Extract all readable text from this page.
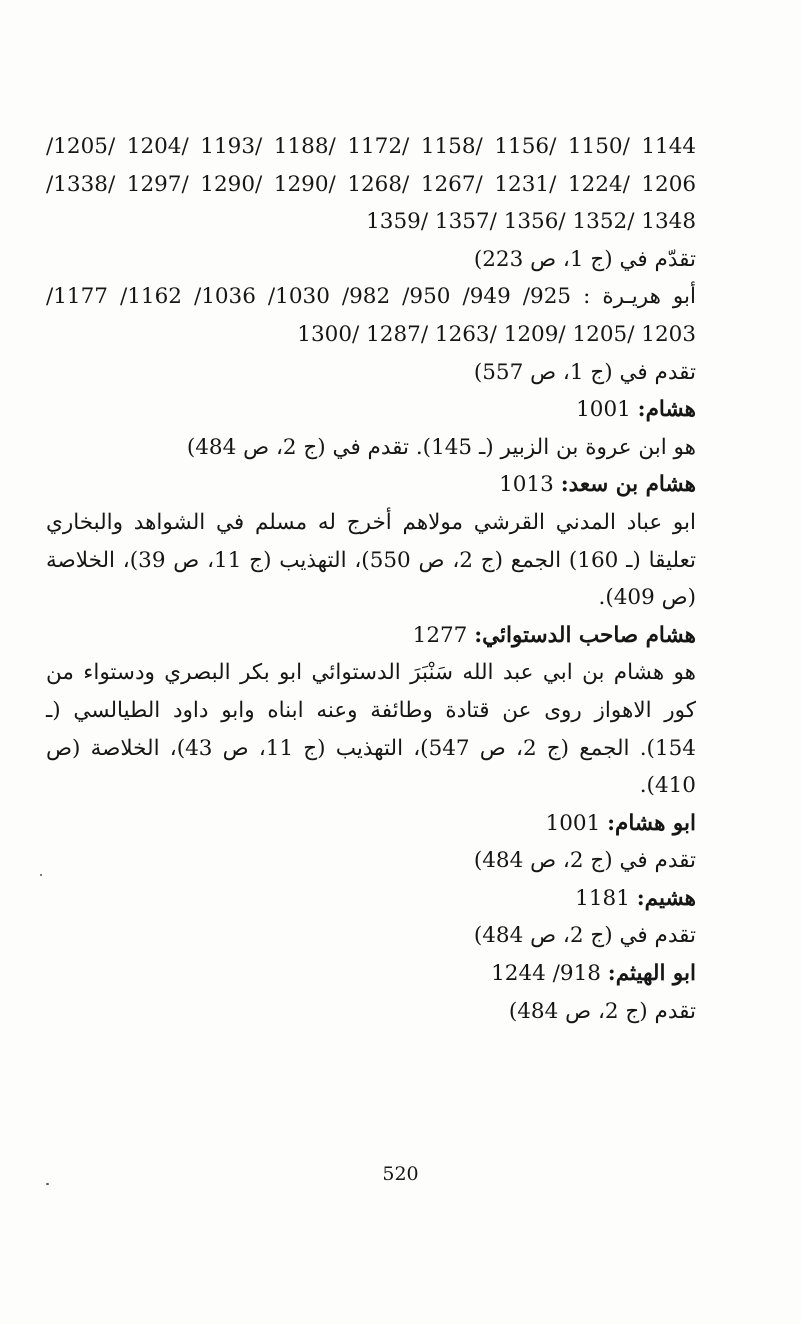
1144 /1150 /1156 /1158 /1172 /1188 /1193 /1204 /1205/
1206 /1224 /1231 /1267 /1268 /1290 /1290 /1297 /1338/
1348 /1352 /1356 /1357 /1359
تقدّم في (ج 1، ص 223)
أبو هريـرة : 925/ 949/ 950/ 982/ 1030/ 1036/ 1162/ 1177/
1203 /1205 /1209 /1263 /1287 /1300
تقدم في (ج 1، ص 557)
هشام: 1001
هو ابن عروة بن الزبير (ـ 145). تقدم في (ج 2، ص 484)
هشام بن سعد: 1013
ابو عباد المدني القرشي مولاهم أخرج له مسلم في الشواهد والبخاري
تعليقا (ـ 160) الجمع (ج 2، ص 550)، التهذيب (ج 11، ص 39)، الخلاصة
(ص 409).
هشام صاحب الدستوائي: 1277
هو هشام بن ابي عبد الله سَنْبَرَ الدستوائي ابو بكر البصري ودستواء من
كور الاهواز روى عن قتادة وطائفة وعنه ابناه وابو داود الطيالسي (ـ
154). الجمع (ج 2، ص 547)، التهذيب (ج 11، ص 43)، الخلاصة (ص
410).
ابو هشام: 1001
تقدم في (ج 2، ص 484)
هشيم: 1181
تقدم في (ج 2، ص 484)
ابو الهيثم: 918/ 1244
تقدم (ج 2، ص 484)
520
